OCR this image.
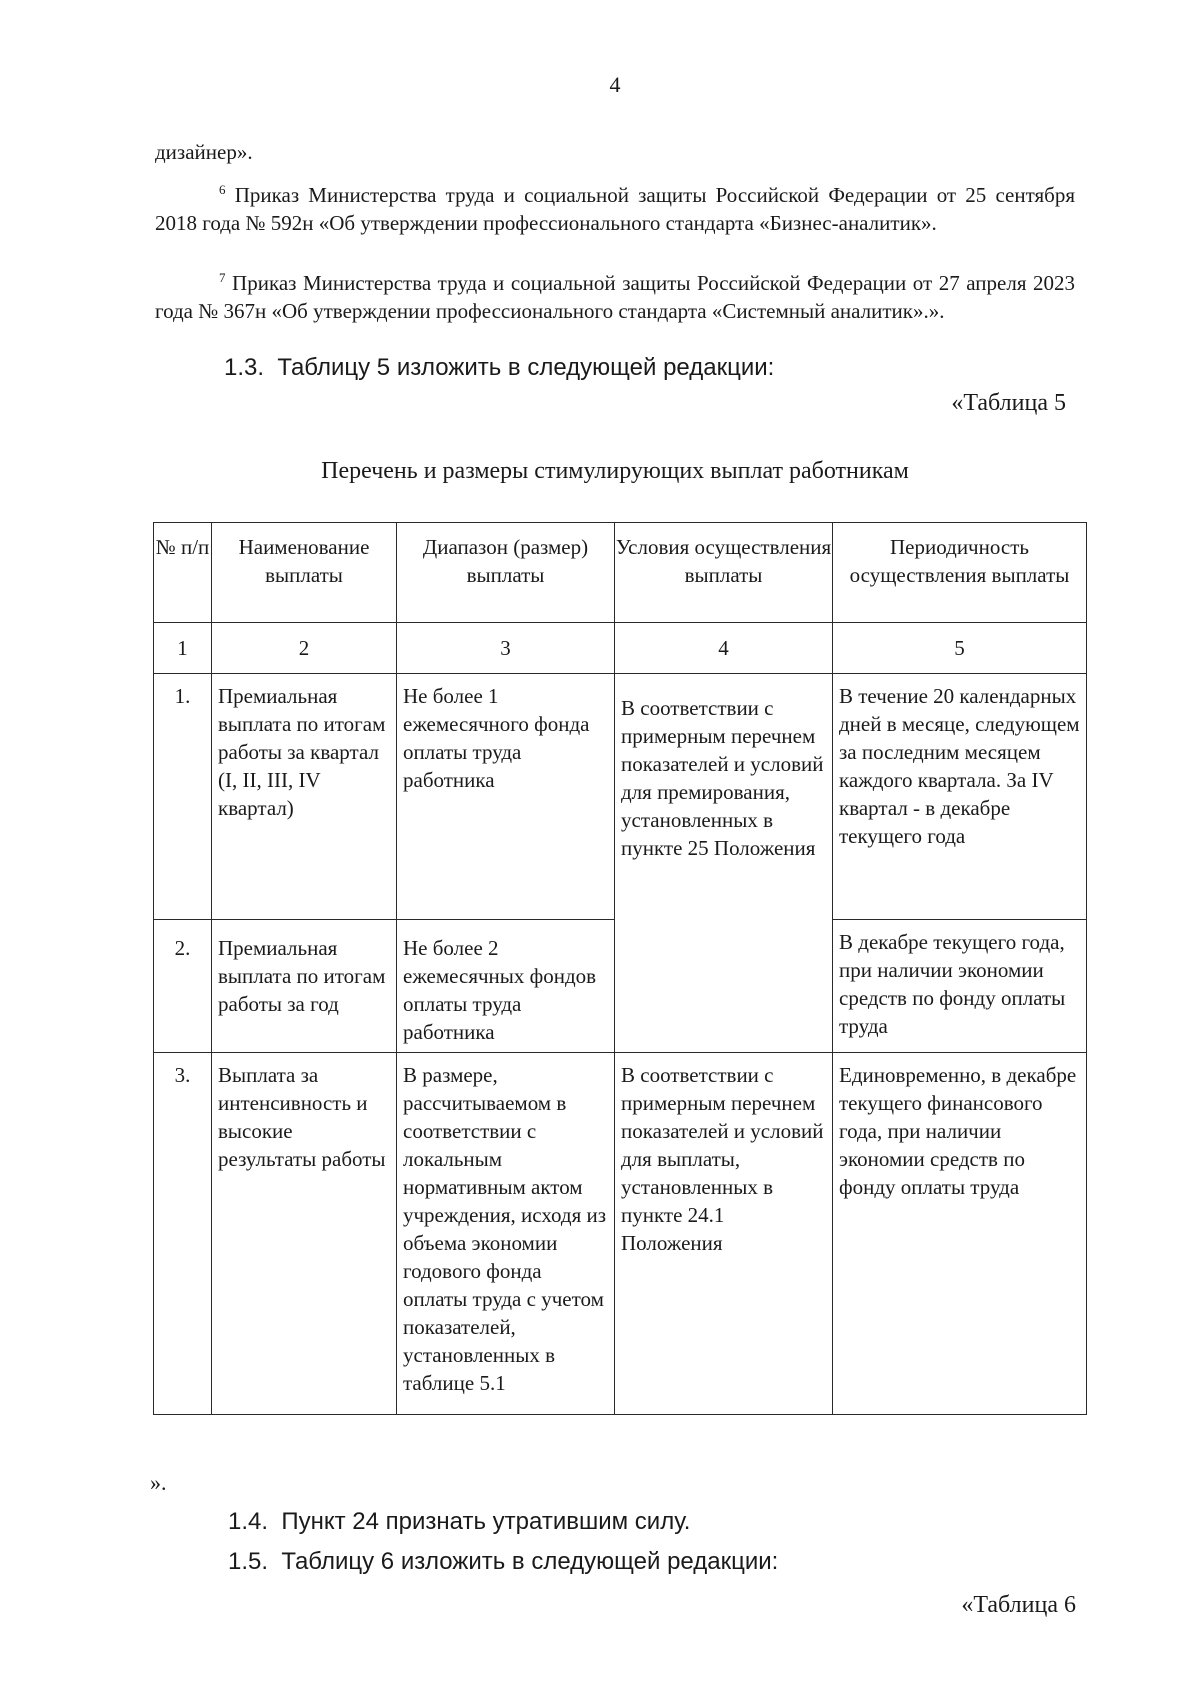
4
дизайнер».
$^6$ Приказ Министерства труда и социальной защиты Российской Федерации от 25 сентября 2018 года № 592н «Об утверждении профессионального стандарта «Бизнес-аналитик».
$^7$ Приказ Министерства труда и социальной защиты Российской Федерации от 27 апреля 2023 года № 367н «Об утверждении профессионального стандарта «Системный аналитик».».
1.3. Таблицу 5 изложить в следующей редакции:
«Таблица 5
Перечень и размеры стимулирующих выплат работникам
№ п/п	Наименование выплаты	Диапазон (размер) выплаты	Условия осуществления выплаты	Периодичность осуществления выплаты
1	2	3	4	5

1.	Премиальная выплата по итогам работы за квартал (I, II, III, IV квартал)	Не более 1 ежемесячного фонда оплаты труда работника	В соответствии с примерным перечнем показателей и условий для премирования, установленных в пункте 25 Положения	В течение 20 календарных дней в месяце, следующем за последним месяцем каждого квартала. За IV квартал - в декабре текущего года

2.	Премиальная выплата по итогам работы за год	Не более 2 ежемесячных фондов оплаты труда работника		В декабре текущего года, при наличии экономии средств по фонду оплаты труда

3.	Выплата за интенсивность и высокие результаты работы	В размере, рассчитываемом в соответствии с локальным нормативным актом учреждения, исходя из объема экономии годового фонда оплаты труда с учетом показателей, установленных в таблице 5.1	В соответствии с примерным перечнем показателей и условий для выплаты, установленных в пункте 24.1 Положения	Единовременно, в декабре текущего финансового года, при наличии экономии средств по фонду оплаты труда
».
1.4. Пункт 24 признать утратившим силу.
1.5. Таблицу 6 изложить в следующей редакции:
«Таблица 6
